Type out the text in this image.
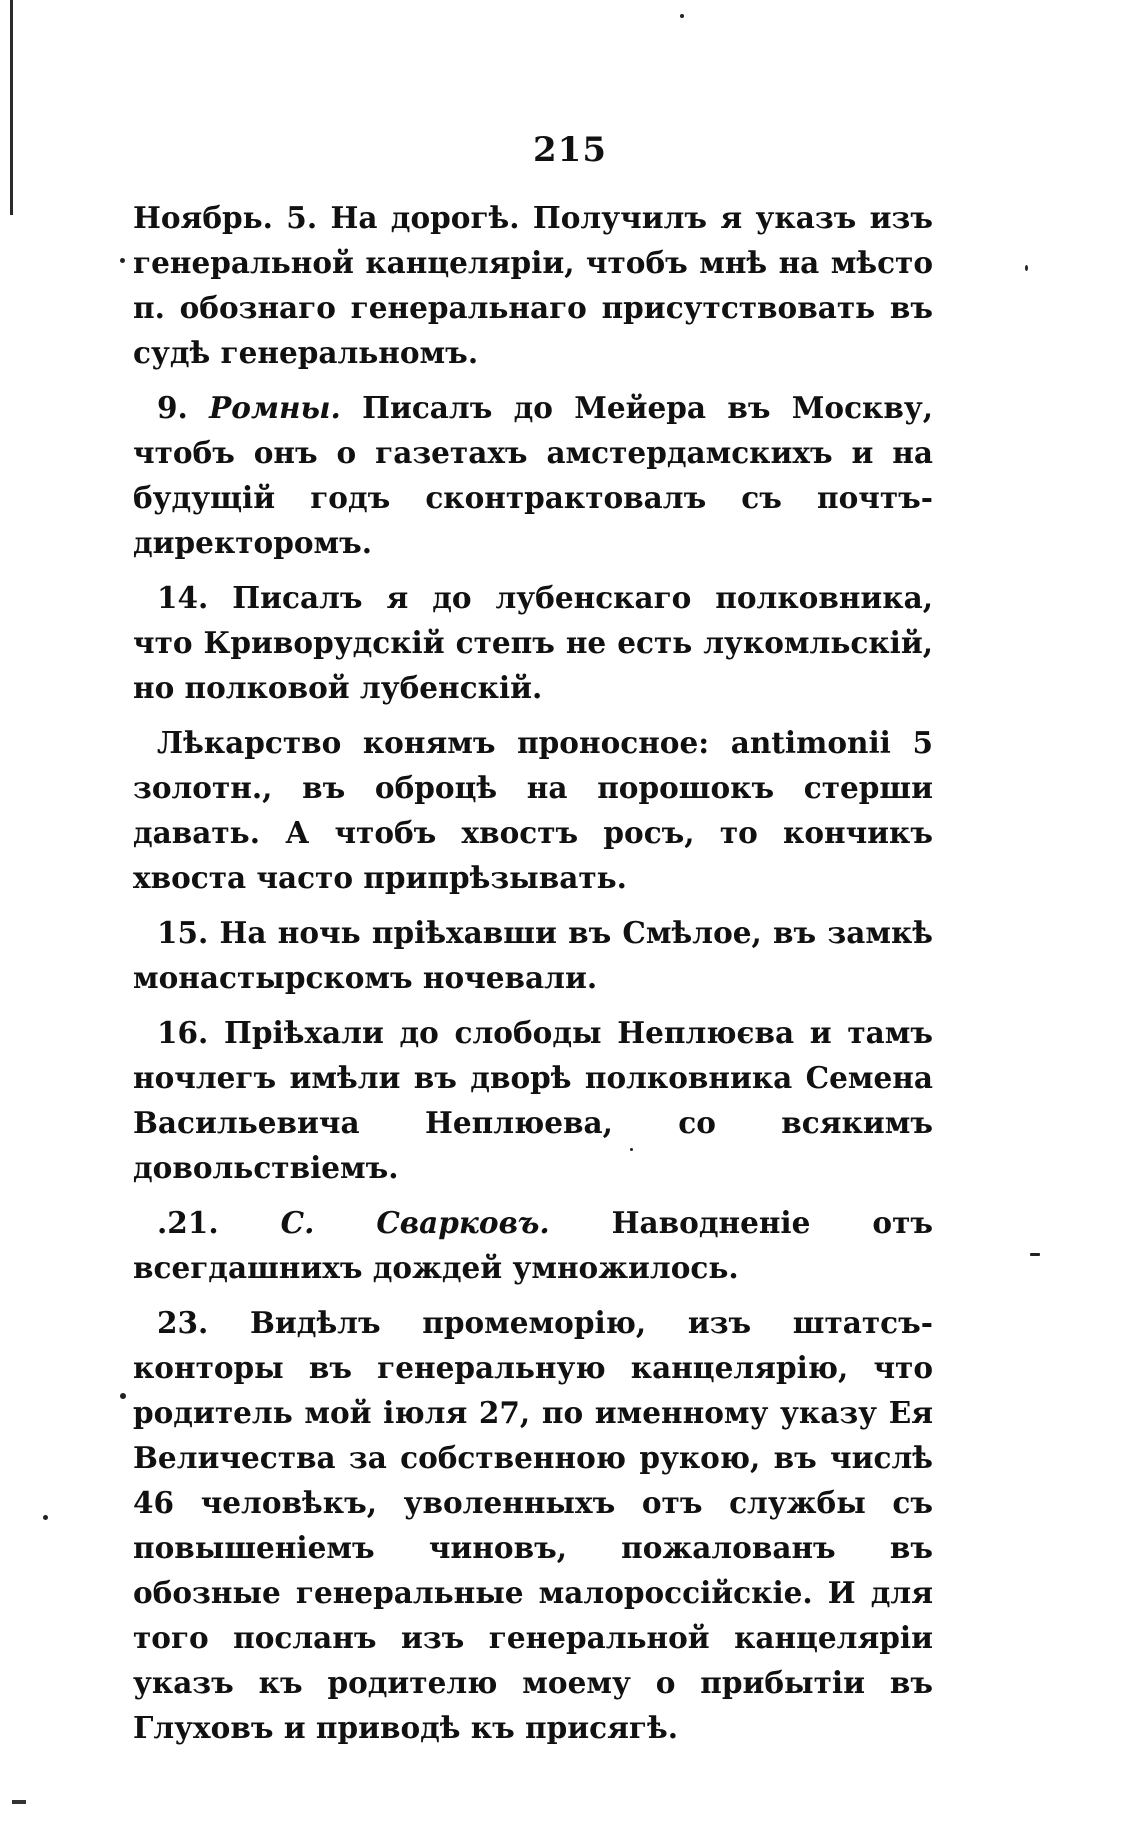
215

Ноябрь. 5. На дорогѣ. Получилъ я указъ изъ генеральной канцеляріи, чтобъ мнѣ на мѣсто п. обознаго генеральнаго присутствовать въ судѣ генеральномъ.

9. Ромны. Писалъ до Мейера въ Москву, чтобъ онъ о газетахъ амстердамскихъ и на будущій годъ сконтрактовалъ съ почтъ-директоромъ.

14. Писалъ я до лубенскаго полковника, что Криворудскій степъ не есть лукомльскій, но полковой лубенскій.

Лѣкарство конямъ проносное: antimonii 5 золотн., въ оброцѣ на порошокъ стерши давать. А чтобъ хвостъ росъ, то кончикъ хвоста часто припрѣзывать.

15. На ночь пріѣхавши въ Смѣлое, въ замкѣ монастырскомъ ночевали.

16. Пріѣхали до слободы Неплюєва и тамъ ночлегъ имѣли въ дворѣ полковника Семена Васильевича Неплюева, со всякимъ довольствіемъ.

.21. С. Сварковъ. Наводненіе отъ всегдашнихъ дождей умножилось.

23. Видѣлъ промеморію, изъ штатсъ-конторы въ генеральную канцелярію, что родитель мой іюля 27, по именному указу Ея Величества за собственною рукою, въ числѣ 46 человѣкъ, уволенныхъ отъ службы съ повышеніемъ чиновъ, пожалованъ въ обозные генеральные малороссійскіе. И для того посланъ изъ генеральной канцеляріи указъ къ родителю моему о прибытіи въ Глуховъ и приводѣ къ присягѣ.
